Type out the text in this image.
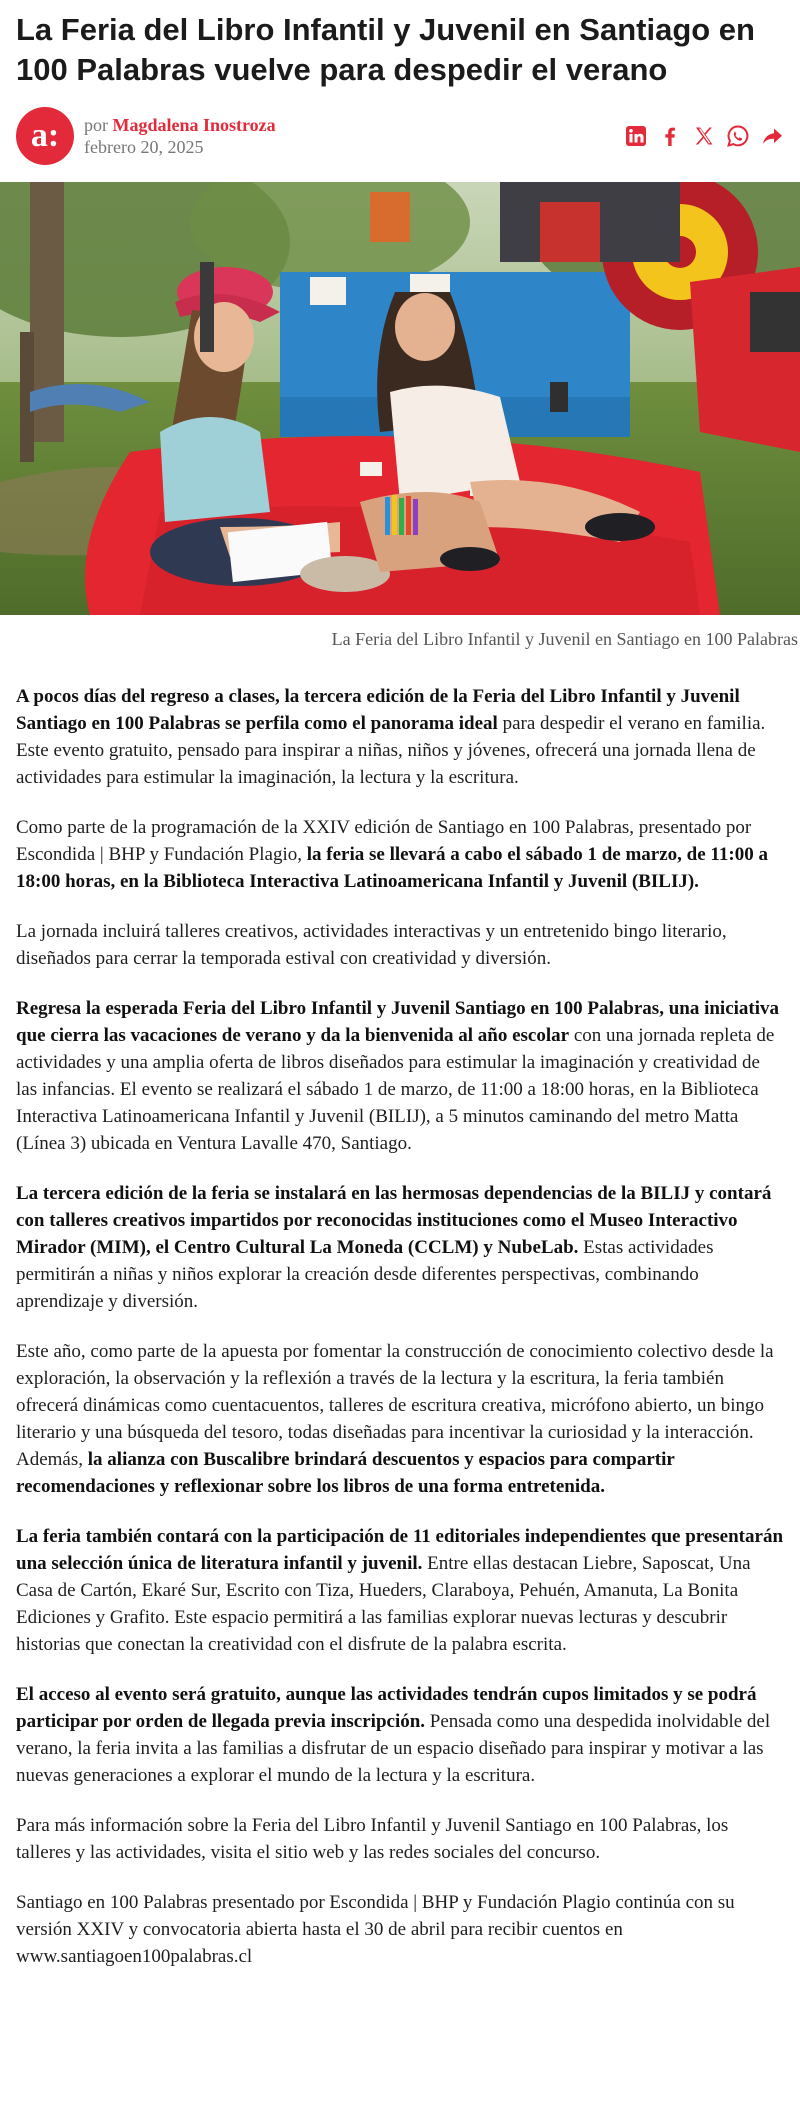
La Feria del Libro Infantil y Juvenil en Santiago en 100 Palabras vuelve para despedir el verano
a:	por Magdalena Inostroza
febrero 20, 2025
La Feria del Libro Infantil y Juvenil en Santiago en 100 Palabras

A pocos días del regreso a clases, la tercera edición de la Feria del Libro Infantil y Juvenil Santiago en 100 Palabras se perfila como el panorama ideal para despedir el verano en familia. Este evento gratuito, pensado para inspirar a niñas, niños y jóvenes, ofrecerá una jornada llena de actividades para estimular la imaginación, la lectura y la escritura.

Como parte de la programación de la XXIV edición de Santiago en 100 Palabras, presentado por Escondida | BHP y Fundación Plagio, la feria se llevará a cabo el sábado 1 de marzo, de 11:00 a 18:00 horas, en la Biblioteca Interactiva Latinoamericana Infantil y Juvenil (BILIJ).

La jornada incluirá talleres creativos, actividades interactivas y un entretenido bingo literario, diseñados para cerrar la temporada estival con creatividad y diversión.

Regresa la esperada Feria del Libro Infantil y Juvenil Santiago en 100 Palabras, una iniciativa que cierra las vacaciones de verano y da la bienvenida al año escolar con una jornada repleta de actividades y una amplia oferta de libros diseñados para estimular la imaginación y creatividad de las infancias. El evento se realizará el sábado 1 de marzo, de 11:00 a 18:00 horas, en la Biblioteca Interactiva Latinoamericana Infantil y Juvenil (BILIJ), a 5 minutos caminando del metro Matta (Línea 3) ubicada en Ventura Lavalle 470, Santiago.

La tercera edición de la feria se instalará en las hermosas dependencias de la BILIJ y contará con talleres creativos impartidos por reconocidas instituciones como el Museo Interactivo Mirador (MIM), el Centro Cultural La Moneda (CCLM) y NubeLab. Estas actividades permitirán a niñas y niños explorar la creación desde diferentes perspectivas, combinando aprendizaje y diversión.

Este año, como parte de la apuesta por fomentar la construcción de conocimiento colectivo desde la exploración, la observación y la reflexión a través de la lectura y la escritura, la feria también ofrecerá dinámicas como cuentacuentos, talleres de escritura creativa, micrófono abierto, un bingo literario y una búsqueda del tesoro, todas diseñadas para incentivar la curiosidad y la interacción. Además, la alianza con Buscalibre brindará descuentos y espacios para compartir recomendaciones y reflexionar sobre los libros de una forma entretenida.

La feria también contará con la participación de 11 editoriales independientes que presentarán una selección única de literatura infantil y juvenil. Entre ellas destacan Liebre, Saposcat, Una Casa de Cartón, Ekaré Sur, Escrito con Tiza, Hueders, Claraboya, Pehuén, Amanuta, La Bonita Ediciones y Grafito. Este espacio permitirá a las familias explorar nuevas lecturas y descubrir historias que conectan la creatividad con el disfrute de la palabra escrita.

El acceso al evento será gratuito, aunque las actividades tendrán cupos limitados y se podrá participar por orden de llegada previa inscripción. Pensada como una despedida inolvidable del verano, la feria invita a las familias a disfrutar de un espacio diseñado para inspirar y motivar a las nuevas generaciones a explorar el mundo de la lectura y la escritura.

Para más información sobre la Feria del Libro Infantil y Juvenil Santiago en 100 Palabras, los talleres y las actividades, visita el sitio web y las redes sociales del concurso.

Santiago en 100 Palabras presentado por Escondida | BHP y Fundación Plagio continúa con su versión XXIV y convocatoria abierta hasta el 30 de abril para recibir cuentos en www.santiagoen100palabras.cl
